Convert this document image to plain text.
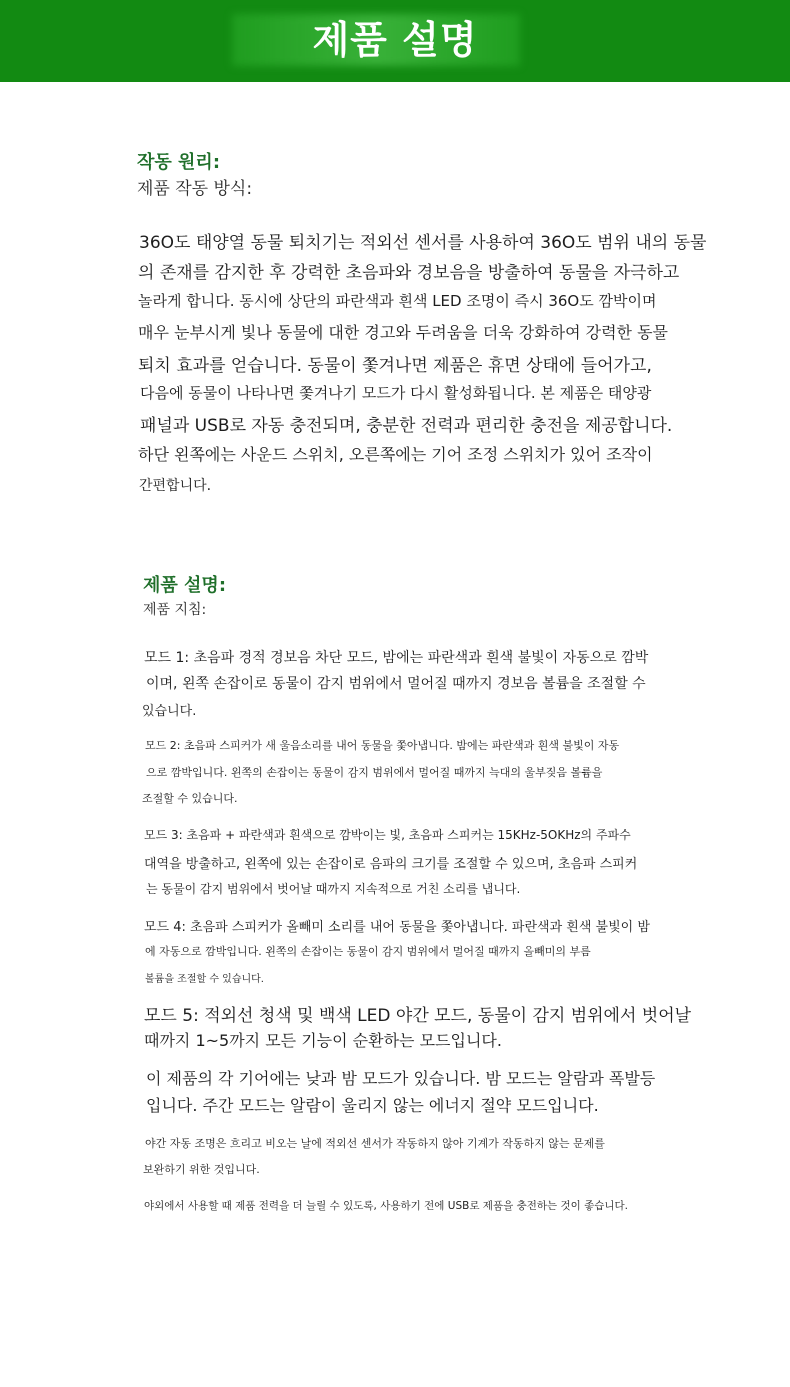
제품 설명
작동 원리:
제품 작동 방식:
36O도 태양열 동물 퇴치기는 적외선 센서를 사용하여 36O도 범위 내의 동물
의 존재를 감지한 후 강력한 초음파와 경보음을 방출하여 동물을 자극하고
놀라게 합니다. 동시에 상단의 파란색과 흰색 LED 조명이 즉시 36O도 깜박이며
매우 눈부시게 빛나 동물에 대한 경고와 두려움을 더욱 강화하여 강력한 동물
퇴치 효과를 얻습니다. 동물이 쫓겨나면 제품은 휴면 상태에 들어가고,
다음에 동물이 나타나면 쫓겨나기 모드가 다시 활성화됩니다. 본 제품은 태양광
패널과 USB로 자동 충전되며, 충분한 전력과 편리한 충전을 제공합니다.
하단 왼쪽에는 사운드 스위치, 오른쪽에는 기어 조정 스위치가 있어 조작이
간편합니다.
제품 설명:
제품 지침:
모드 1: 초음파 경적 경보음 차단 모드, 밤에는 파란색과 흰색 불빛이 자동으로 깜박
이며, 왼쪽 손잡이로 동물이 감지 범위에서 멀어질 때까지 경보음 볼륨을 조절할 수
있습니다.
모드 2: 초음파 스피커가 새 울음소리를 내어 동물을 쫓아냅니다. 밤에는 파란색과 흰색 불빛이 자동
으로 깜박입니다. 왼쪽의 손잡이는 동물이 감지 범위에서 멀어질 때까지 늑대의 울부짖음 볼륨을
조절할 수 있습니다.
모드 3: 초음파 + 파란색과 흰색으로 깜박이는 빛, 초음파 스피커는 15KHz-5OKHz의 주파수
대역을 방출하고, 왼쪽에 있는 손잡이로 음파의 크기를 조절할 수 있으며, 초음파 스피커
는 동물이 감지 범위에서 벗어날 때까지 지속적으로 거친 소리를 냅니다.
모드 4: 초음파 스피커가 올빼미 소리를 내어 동물을 쫓아냅니다. 파란색과 흰색 불빛이 밤
에 자동으로 깜박입니다. 왼쪽의 손잡이는 동물이 감지 범위에서 멀어질 때까지 올빼미의 부름
볼륨을 조절할 수 있습니다.
모드 5: 적외선 청색 및 백색 LED 야간 모드, 동물이 감지 범위에서 벗어날
때까지 1~5까지 모든 기능이 순환하는 모드입니다.
이 제품의 각 기어에는 낮과 밤 모드가 있습니다. 밤 모드는 알람과 폭발등
입니다. 주간 모드는 알람이 울리지 않는 에너지 절약 모드입니다.
야간 자동 조명은 흐리고 비오는 날에 적외선 센서가 작동하지 않아 기계가 작동하지 않는 문제를
보완하기 위한 것입니다.
야외에서 사용할 때 제품 전력을 더 늘릴 수 있도록, 사용하기 전에 USB로 제품을 충전하는 것이 좋습니다.
